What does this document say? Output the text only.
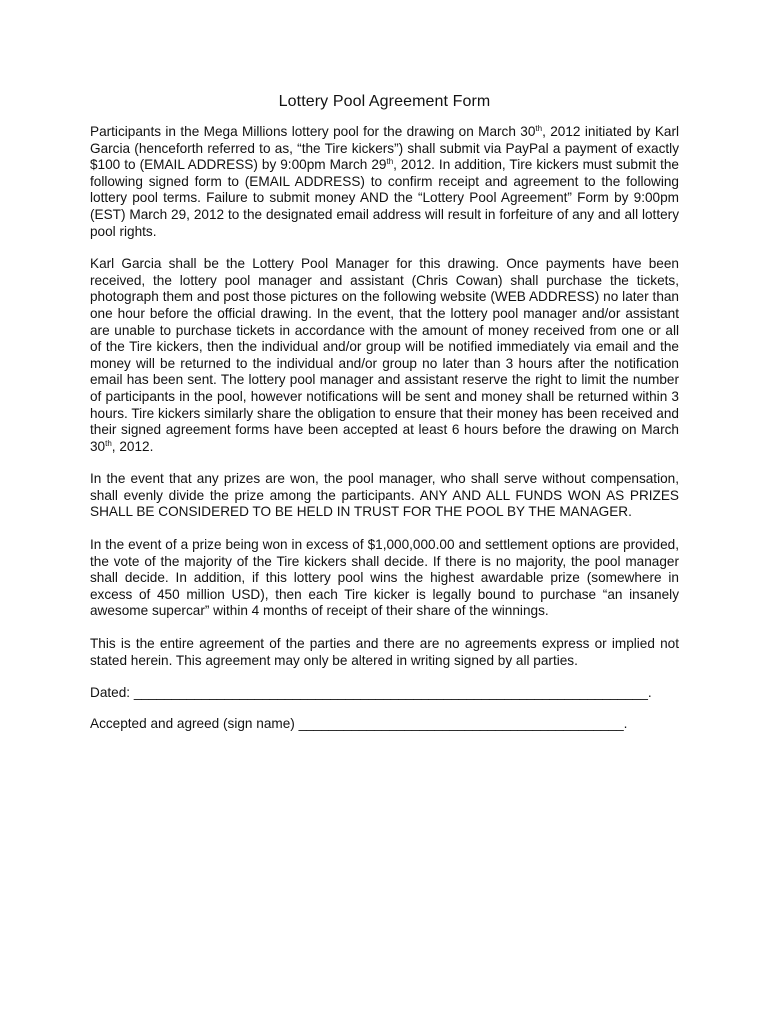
Lottery Pool Agreement Form

Participants in the Mega Millions lottery pool for the drawing on March 30th, 2012 initiated by Karl Garcia (henceforth referred to as, “the Tire kickers”) shall submit via PayPal a payment of exactly $100 to (EMAIL ADDRESS) by 9:00pm March 29th, 2012. In addition, Tire kickers must submit the following signed form to (EMAIL ADDRESS) to confirm receipt and agreement to the following lottery pool terms. Failure to submit money AND the “Lottery Pool Agreement” Form by 9:00pm (EST) March 29, 2012 to the designated email address will result in forfeiture of any and all lottery pool rights.

Karl Garcia shall be the Lottery Pool Manager for this drawing. Once payments have been received, the lottery pool manager and assistant (Chris Cowan) shall purchase the tickets, photograph them and post those pictures on the following website (WEB ADDRESS) no later than one hour before the official drawing. In the event, that the lottery pool manager and/or assistant are unable to purchase tickets in accordance with the amount of money received from one or all of the Tire kickers, then the individual and/or group will be notified immediately via email and the money will be returned to the individual and/or group no later than 3 hours after the notification email has been sent. The lottery pool manager and assistant reserve the right to limit the number of participants in the pool, however notifications will be sent and money shall be returned within 3 hours. Tire kickers similarly share the obligation to ensure that their money has been received and their signed agreement forms have been accepted at least 6 hours before the drawing on March 30th, 2012.

In the event that any prizes are won, the pool manager, who shall serve without compensation, shall evenly divide the prize among the participants. ANY AND ALL FUNDS WON AS PRIZES SHALL BE CONSIDERED TO BE HELD IN TRUST FOR THE POOL BY THE MANAGER.

In the event of a prize being won in excess of $1,000,000.00 and settlement options are provided, the vote of the majority of the Tire kickers shall decide. If there is no majority, the pool manager shall decide. In addition, if this lottery pool wins the highest awardable prize (somewhere in excess of 450 million USD), then each Tire kicker is legally bound to purchase “an insanely awesome supercar” within 4 months of receipt of their share of the winnings.

This is the entire agreement of the parties and there are no agreements express or implied not stated herein. This agreement may only be altered in writing signed by all parties.

Dated: ____________________________________________________________________.
Accepted and agreed (sign name) ___________________________________________.
